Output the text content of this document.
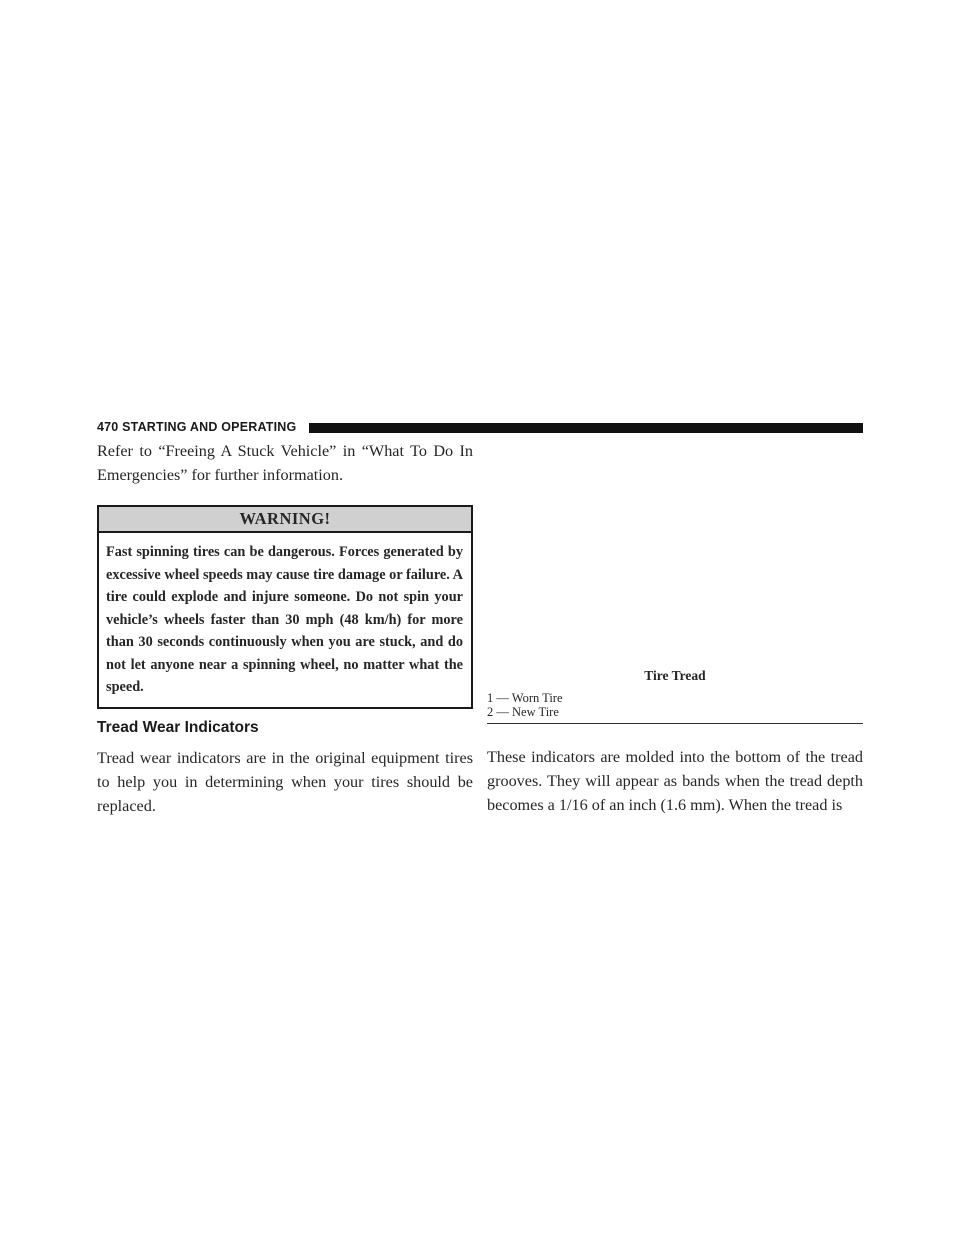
470 STARTING AND OPERATING

Refer to “Freeing A Stuck Vehicle” in “What To Do In Emergencies” for further information.

WARNING!
Fast spinning tires can be dangerous. Forces generated by excessive wheel speeds may cause tire damage or failure. A tire could explode and injure someone. Do not spin your vehicle’s wheels faster than 30 mph (48 km/h) for more than 30 seconds continuously when you are stuck, and do not let anyone near a spinning wheel, no matter what the speed.
Tread Wear Indicators

Tread wear indicators are in the original equipment tires to help you in determining when your tires should be replaced.

Tire Tread
1 — Worn Tire
2 — New Tire

These indicators are molded into the bottom of the tread grooves. They will appear as bands when the tread depth becomes a 1/16 of an inch (1.6 mm). When the tread is
